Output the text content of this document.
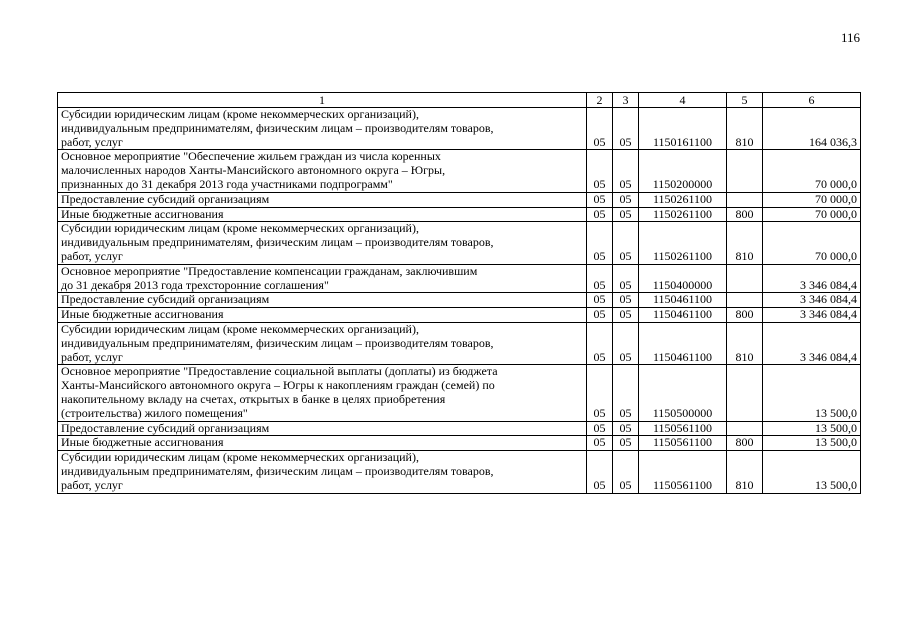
116
1	2	3	4	5	6

Субсидии юридическим лицам (кроме некоммерческих организаций),
индивидуальным предпринимателям, физическим лицам – производителям товаров,
работ, услуг	05	05	1150161100	810	164 036,3

Основное мероприятие "Обеспечение жильем граждан из числа коренных
малочисленных народов Ханты-Мансийского автономного округа – Югры,
признанных до 31 декабря 2013 года участниками подпрограмм"	05	05	1150200000		70 000,0

Предоставление субсидий организациям	05	05	1150261100		70 000,0

Иные бюджетные ассигнования	05	05	1150261100	800	70 000,0

Субсидии юридическим лицам (кроме некоммерческих организаций),
индивидуальным предпринимателям, физическим лицам – производителям товаров,
работ, услуг	05	05	1150261100	810	70 000,0

Основное мероприятие "Предоставление компенсации гражданам, заключившим
до 31 декабря 2013 года трехсторонние соглашения"	05	05	1150400000		3 346 084,4

Предоставление субсидий организациям	05	05	1150461100		3 346 084,4

Иные бюджетные ассигнования	05	05	1150461100	800	3 346 084,4

Субсидии юридическим лицам (кроме некоммерческих организаций),
индивидуальным предпринимателям, физическим лицам – производителям товаров,
работ, услуг	05	05	1150461100	810	3 346 084,4

Основное мероприятие "Предоставление социальной выплаты (доплаты) из бюджета
Ханты-Мансийского автономного округа – Югры к накоплениям граждан (семей) по
накопительному вкладу на счетах, открытых в банке в целях приобретения
(строительства) жилого помещения"	05	05	1150500000		13 500,0

Предоставление субсидий организациям	05	05	1150561100		13 500,0

Иные бюджетные ассигнования	05	05	1150561100	800	13 500,0

Субсидии юридическим лицам (кроме некоммерческих организаций),
индивидуальным предпринимателям, физическим лицам – производителям товаров,
работ, услуг	05	05	1150561100	810	13 500,0
